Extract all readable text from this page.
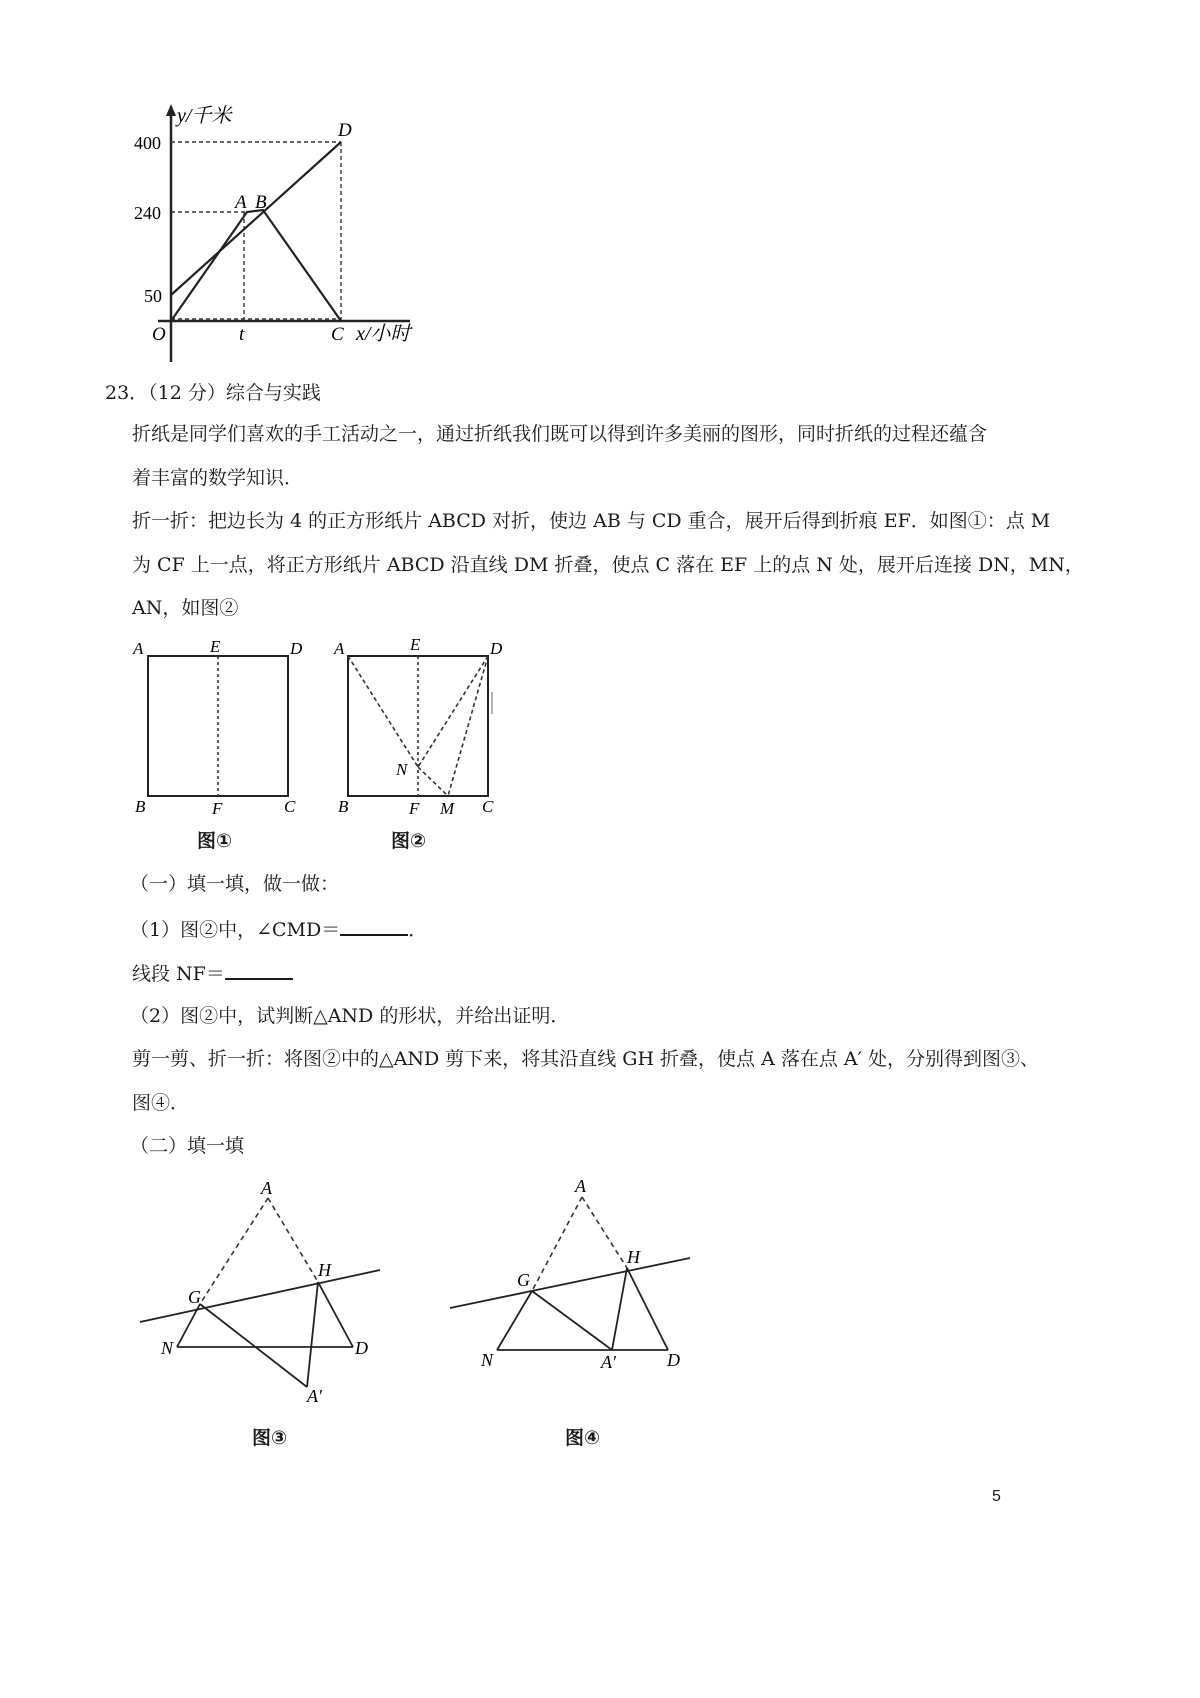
y/千米
400
240
50
O	t	C x/小时
A B
D
23．（12 分）综合与实践
折纸是同学们喜欢的手工活动之一，通过折纸我们既可以得到许多美丽的图形，同时折纸的过程还蕴含
着丰富的数学知识．
折一折：把边长为 4 的正方形纸片 ABCD 对折，使边 AB 与 CD 重合，展开后得到折痕 EF．如图①：点 M
为 CF 上一点，将正方形纸片 ABCD 沿直线 DM 折叠，使点 C 落在 EF 上的点 N 处，展开后连接 DN，MN，
AN，如图②
A	E	D
B	F	C
图①
A	E	D
N
B	F M C
图②
（一）填一填，做一做：
（1）图②中，∠CMD＝	．
线段 NF＝
（2）图②中，试判断△AND 的形状，并给出证明．
剪一剪、折一折：将图②中的△AND 剪下来，将其沿直线 GH 折叠，使点 A 落在点 A′ 处，分别得到图③、
图④．
（二）填一填
A
G
H
N	D
A′
图③
A
G
H
N	A′	D
图④
5
